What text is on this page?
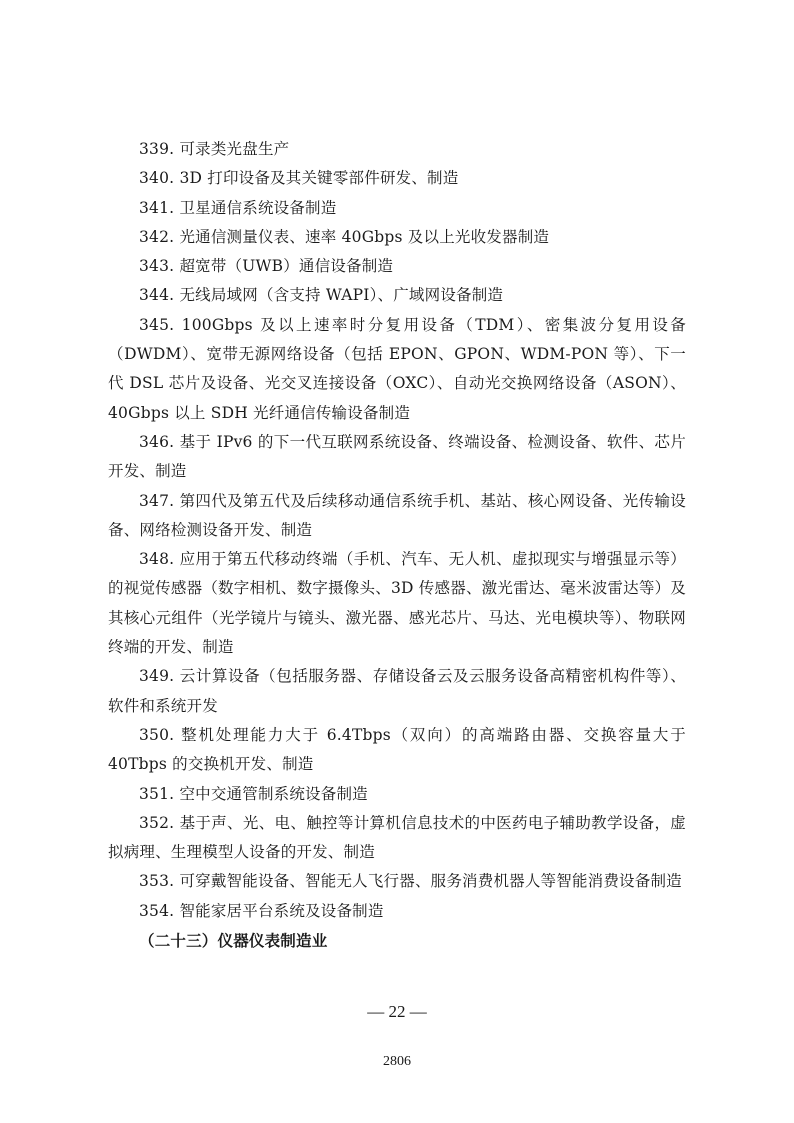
339. 可录类光盘生产

340. 3D 打印设备及其关键零部件研发、制造

341. 卫星通信系统设备制造

342. 光通信测量仪表、速率 40Gbps 及以上光收发器制造

343. 超宽带（UWB）通信设备制造

344. 无线局域网（含支持 WAPI）、广域网设备制造

345. 100Gbps 及以上速率时分复用设备（TDM）、密集波分复用设备（DWDM）、宽带无源网络设备（包括 EPON、GPON、WDM-PON 等）、下一代 DSL 芯片及设备、光交叉连接设备（OXC）、自动光交换网络设备（ASON）、40Gbps 以上 SDH 光纤通信传输设备制造

346. 基于 IPv6 的下一代互联网系统设备、终端设备、检测设备、软件、芯片开发、制造

347. 第四代及第五代及后续移动通信系统手机、基站、核心网设备、光传输设备、网络检测设备开发、制造

348. 应用于第五代移动终端（手机、汽车、无人机、虚拟现实与增强显示等）的视觉传感器（数字相机、数字摄像头、3D 传感器、激光雷达、毫米波雷达等）及其核心元组件（光学镜片与镜头、激光器、感光芯片、马达、光电模块等）、物联网终端的开发、制造

349. 云计算设备（包括服务器、存储设备云及云服务设备高精密机构件等）、软件和系统开发

350. 整机处理能力大于 6.4Tbps（双向）的高端路由器、交换容量大于 40Tbps 的交换机开发、制造

351. 空中交通管制系统设备制造

352. 基于声、光、电、触控等计算机信息技术的中医药电子辅助教学设备，虚拟病理、生理模型人设备的开发、制造

353. 可穿戴智能设备、智能无人飞行器、服务消费机器人等智能消费设备制造

354. 智能家居平台系统及设备制造

（二十三）仪器仪表制造业

— 22 —
2806
